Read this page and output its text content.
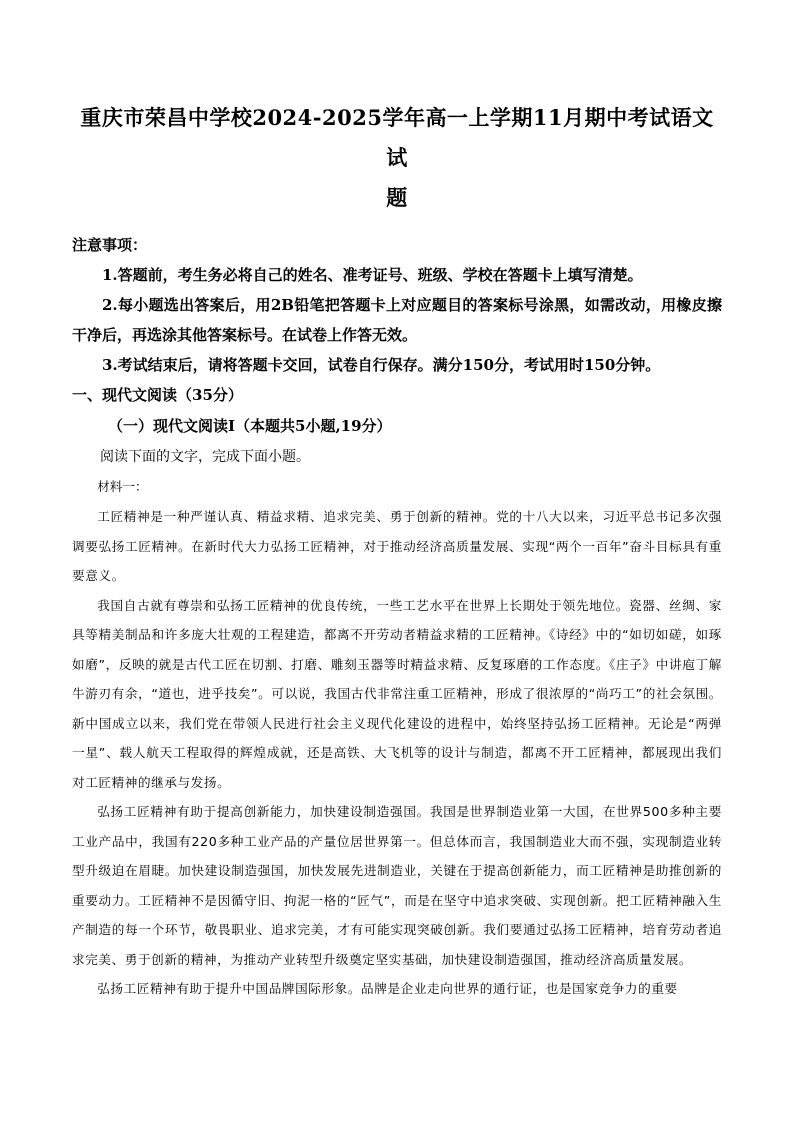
重庆市荣昌中学校2024-2025学年高一上学期11月期中考试语文试
题

注意事项：

1.答题前，考生务必将自己的姓名、准考证号、班级、学校在答题卡上填写清楚。

2.每小题选出答案后，用2B铅笔把答题卡上对应题目的答案标号涂黑，如需改动，用橡皮擦干净后，再选涂其他答案标号。在试卷上作答无效。

3.考试结束后，请将答题卡交回，试卷自行保存。满分150分，考试用时150分钟。

一、现代文阅读（35分）

（一）现代文阅读Ⅰ（本题共5小题,19分）

阅读下面的文字，完成下面小题。

材料一：

工匠精神是一种严谨认真、精益求精、追求完美、勇于创新的精神。党的十八大以来，习近平总书记多次强调要弘扬工匠精神。在新时代大力弘扬工匠精神，对于推动经济高质量发展、实现“两个一百年”奋斗目标具有重要意义。

我国自古就有尊崇和弘扬工匠精神的优良传统，一些工艺水平在世界上长期处于领先地位。瓷器、丝绸、家具等精美制品和许多庞大壮观的工程建造，都离不开劳动者精益求精的工匠精神。《诗经》中的“如切如磋，如琢如磨”，反映的就是古代工匠在切割、打磨、雕刻玉器等时精益求精、反复琢磨的工作态度。《庄子》中讲庖丁解牛游刃有余，“道也，进乎技矣”。可以说，我国古代非常注重工匠精神，形成了很浓厚的“尚巧工”的社会氛围。新中国成立以来，我们党在带领人民进行社会主义现代化建设的进程中，始终坚持弘扬工匠精神。无论是“两弹一星”、载人航天工程取得的辉煌成就，还是高铁、大飞机等的设计与制造，都离不开工匠精神，都展现出我们对工匠精神的继承与发扬。

弘扬工匠精神有助于提高创新能力，加快建设制造强国。我国是世界制造业第一大国，在世界500多种主要工业产品中，我国有220多种工业产品的产量位居世界第一。但总体而言，我国制造业大而不强，实现制造业转型升级迫在眉睫。加快建设制造强国，加快发展先进制造业，关键在于提高创新能力，而工匠精神是助推创新的重要动力。工匠精神不是因循守旧、拘泥一格的“匠气”，而是在坚守中追求突破、实现创新。把工匠精神融入生产制造的每一个环节，敬畏职业、追求完美，才有可能实现突破创新。我们要通过弘扬工匠精神，培育劳动者追求完美、勇于创新的精神，为推动产业转型升级奠定坚实基础，加快建设制造强国，推动经济高质量发展。

弘扬工匠精神有助于提升中国品牌国际形象。品牌是企业走向世界的通行证，也是国家竞争力的重要
